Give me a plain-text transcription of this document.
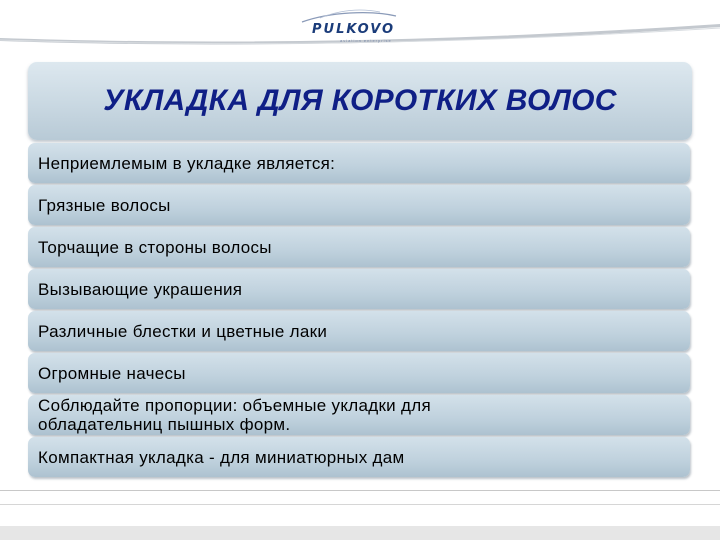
PULKOVO
aviation enterprise
УКЛАДКА ДЛЯ КОРОТКИХ ВОЛОС
Неприемлемым в укладке является:
Грязные волосы
Торчащие в стороны волосы
Вызывающие украшения
Различные блестки и цветные лаки
Огромные начесы
Соблюдайте пропорции: объемные укладки для обладательниц пышных форм.
Компактная укладка - для миниатюрных дам
